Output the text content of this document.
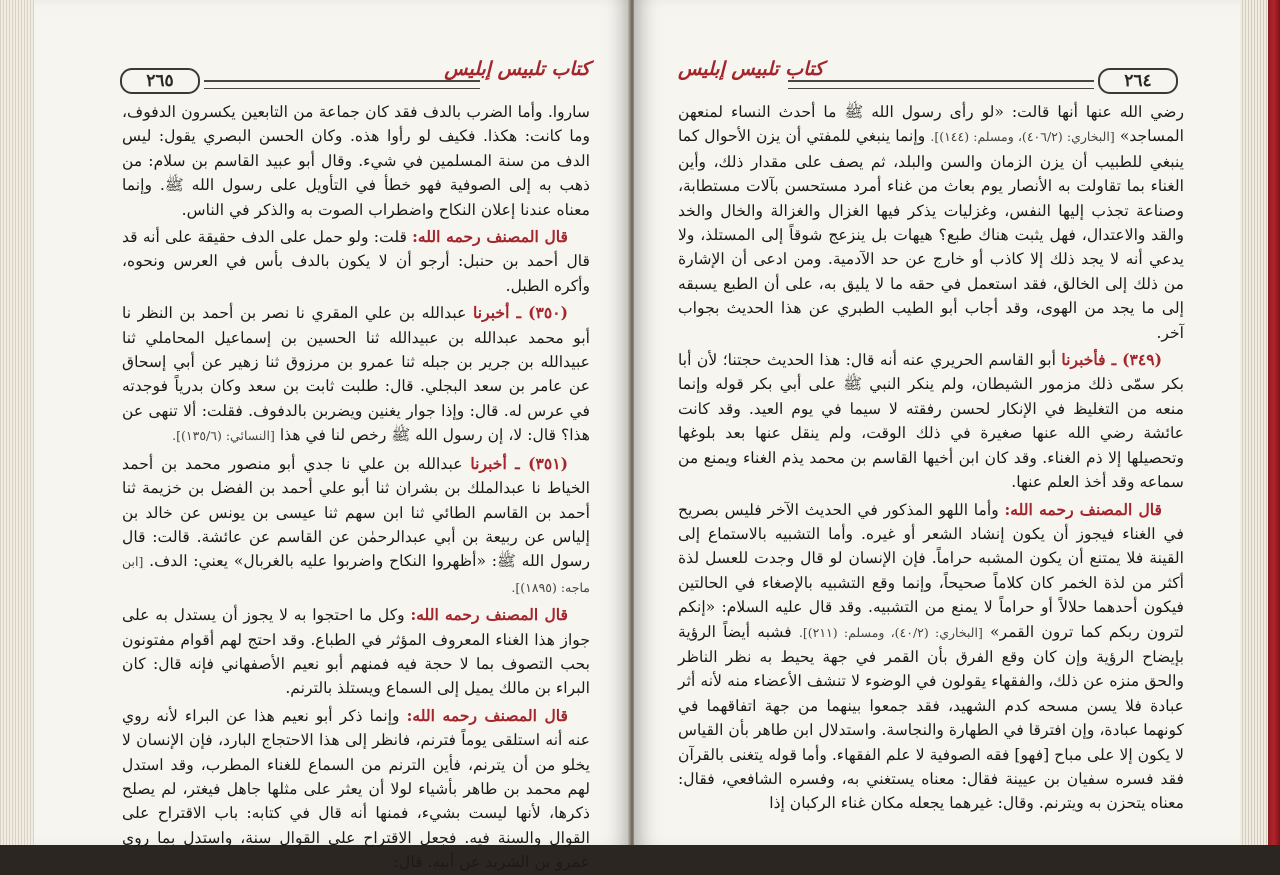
٢٦٥
كتاب تلبيس إبليس

ساروا. وأما الضرب بالدف فقد كان جماعة من التابعين يكسرون الدفوف، وما كانت: هكذا. فكيف لو رأوا هذه. وكان الحسن البصري يقول: ليس الدف من سنة المسلمين في شيء. وقال أبو عبيد القاسم بن سلام: من ذهب به إلى الصوفية فهو خطأ في التأويل على رسول الله ﷺ. وإنما معناه عندنا إعلان النكاح واضطراب الصوت به والذكر في الناس.

قال المصنف رحمه الله: قلت: ولو حمل على الدف حقيقة على أنه قد قال أحمد بن حنبل: أرجو أن لا يكون بالدف بأس في العرس ونحوه، وأكره الطبل.

(٣٥٠) ـ أخبرنا عبدالله بن علي المقري نا نصر بن أحمد بن النظر نا أبو محمد عبدالله بن عبيدالله ثنا الحسين بن إسماعيل المحاملي ثنا عبيدالله بن جرير بن جبله ثنا عمرو بن مرزوق ثنا زهير عن أبي إسحاق عن عامر بن سعد البجلي. قال: طلبت ثابت بن سعد وكان بدرياً فوجدته في عرس له. قال: وإذا جوار يغنين ويضربن بالدفوف. فقلت: ألا تنهى عن هذا؟ قال: لا، إن رسول الله ﷺ رخص لنا في هذا [النسائي: (١٣٥/٦)].

(٣٥١) ـ أخبرنا عبدالله بن علي نا جدي أبو منصور محمد بن أحمد الخياط نا عبدالملك بن بشران ثنا أبو علي أحمد بن الفضل بن خزيمة ثنا أحمد بن القاسم الطائي ثنا ابن سهم ثنا عيسى بن يونس عن خالد بن إلياس عن ربيعة بن أبي عبدالرحمٰن عن القاسم عن عائشة. قالت: قال رسول الله ﷺ: «أظهروا النكاح واضربوا عليه بالغربال» يعني: الدف. [ابن ماجه: (١٨٩٥)].

قال المصنف رحمه الله: وكل ما احتجوا به لا يجوز أن يستدل به على جواز هذا الغناء المعروف المؤثر في الطباع. وقد احتج لهم أقوام مفتونون بحب التصوف بما لا حجة فيه فمنهم أبو نعيم الأصفهاني فإنه قال: كان البراء بن مالك يميل إلى السماع ويستلذ بالترنم.

قال المصنف رحمه الله: وإنما ذكر أبو نعيم هذا عن البراء لأنه روي عنه أنه استلقى يوماً فترنم، فانظر إلى هذا الاحتجاج البارد، فإن الإنسان لا يخلو من أن يترنم، فأين الترنم من السماع للغناء المطرب، وقد استدل لهم محمد بن طاهر بأشياء لولا أن يعثر على مثلها جاهل فيغتر، لم يصلح ذكرها، لأنها ليست بشيء، فمنها أنه قال في كتابه: باب الاقتراح على القوال والسنة فيه. فجعل الاقتراح على القوال سنة، واستدل بما روى عمرو بن الشريد عن أبيه. قال:

كتاب تلبيس إبليس
٢٦٤

رضي الله عنها أنها قالت: «لو رأى رسول الله ﷺ ما أحدث النساء لمنعهن المساجد» [البخاري: (٤٠٦/٢)، ومسلم: (١٤٤)]. وإنما ينبغي للمفتي أن يزن الأحوال كما ينبغي للطبيب أن يزن الزمان والسن والبلد، ثم يصف على مقدار ذلك، وأين الغناء بما تقاولت به الأنصار يوم بعاث من غناء أمرد مستحسن بآلات مستطابة، وصناعة تجذب إليها النفس، وغزليات يذكر فيها الغزال والغزالة والخال والخد والقد والاعتدال، فهل يثبت هناك طبع؟ هيهات بل ينزعج شوقاً إلى المستلذ، ولا يدعي أنه لا يجد ذلك إلا كاذب أو خارج عن حد الآدمية. ومن ادعى أن الإشارة من ذلك إلى الخالق، فقد استعمل في حقه ما لا يليق به، على أن الطبع يسبقه إلى ما يجد من الهوى، وقد أجاب أبو الطيب الطبري عن هذا الحديث بجواب آخر.

(٣٤٩) ـ فأخبرنا أبو القاسم الحريري عنه أنه قال: هذا الحديث حجتنا؛ لأن أبا بكر سمّى ذلك مزمور الشيطان، ولم ينكر النبي ﷺ على أبي بكر قوله وإنما منعه من التغليظ في الإنكار لحسن رفقته لا سيما في يوم العيد. وقد كانت عائشة رضي الله عنها صغيرة في ذلك الوقت، ولم ينقل عنها بعد بلوغها وتحصيلها إلا ذم الغناء. وقد كان ابن أخيها القاسم بن محمد يذم الغناء ويمنع من سماعه وقد أخذ العلم عنها.

قال المصنف رحمه الله: وأما اللهو المذكور في الحديث الآخر فليس بصريح في الغناء فيجوز أن يكون إنشاد الشعر أو غيره. وأما التشبيه بالاستماع إلى القينة فلا يمتنع أن يكون المشبه حراماً. فإن الإنسان لو قال وجدت للعسل لذة أكثر من لذة الخمر كان كلاماً صحيحاً، وإنما وقع التشبيه بالإصغاء في الحالتين فيكون أحدهما حلالاً أو حراماً لا يمنع من التشبيه. وقد قال عليه السلام: «إنكم لترون ربكم كما ترون القمر» [البخاري: (٤٠/٢)، ومسلم: (٢١١)]. فشبه أيضاً الرؤية بإيضاح الرؤية وإن كان وقع الفرق بأن القمر في جهة يحيط به نظر الناظر والحق منزه عن ذلك، والفقهاء يقولون في الوضوء لا تنشف الأعضاء منه لأنه أثر عبادة فلا يسن مسحه كدم الشهيد، فقد جمعوا بينهما من جهة اتفاقهما في كونهما عبادة، وإن افترقا في الطهارة والنجاسة. واستدلال ابن طاهر بأن القياس لا يكون إلا على مباح [فهو] فقه الصوفية لا علم الفقهاء. وأما قوله يتغنى بالقرآن فقد فسره سفيان بن عيينة فقال: معناه يستغني به، وفسره الشافعي، فقال: معناه يتحزن به ويترنم. وقال: غيرهما يجعله مكان غناء الركبان إذا
